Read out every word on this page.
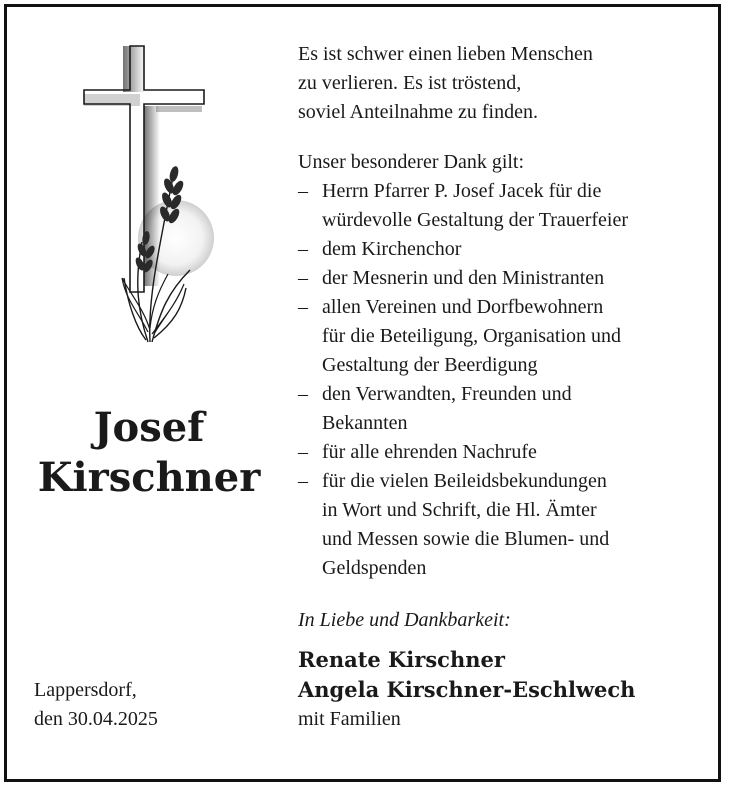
Josef
Kirschner
Lappersdorf,
den 30.04.2025
Es ist schwer einen lieben Menschen
zu verlieren. Es ist tröstend,
soviel Anteilnahme zu finden.
Unser besonderer Dank gilt:
– Herrn Pfarrer P. Josef Jacek für die
würdevolle Gestaltung der Trauerfeier
– dem Kirchenchor
– der Mesnerin und den Ministranten
– allen Vereinen und Dorfbewohnern
für die Beteiligung, Organisation und
Gestaltung der Beerdigung
– den Verwandten, Freunden und
Bekannten
– für alle ehrenden Nachrufe
– für die vielen Beileidsbekundungen
in Wort und Schrift, die Hl. Ämter
und Messen sowie die Blumen- und
Geldspenden
In Liebe und Dankbarkeit:
Renate Kirschner
Angela Kirschner-Eschlwech
mit Familien
